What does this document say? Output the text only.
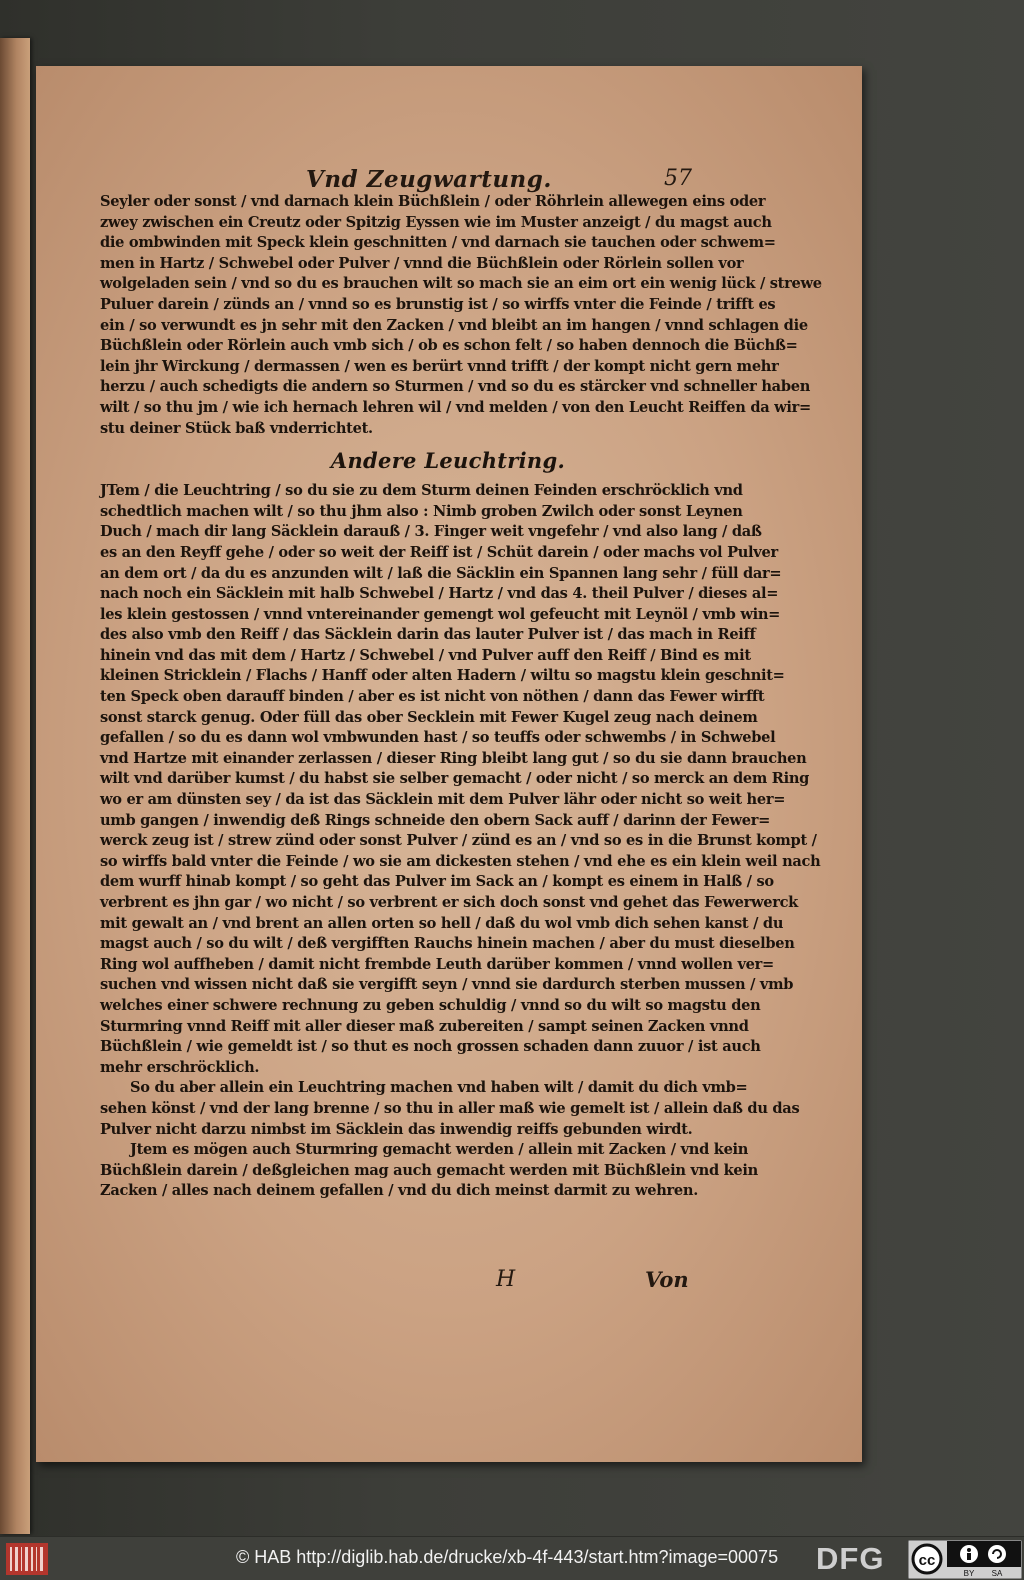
Vnd Zeugwartung.	57
Seyler oder sonst / vnd darnach klein Büchßlein / oder Röhrlein allewegen eins oder
zwey zwischen ein Creutz oder Spitzig Eyssen wie im Muster anzeigt / du magst auch
die ombwinden mit Speck klein geschnitten / vnd darnach sie tauchen oder schwem=
men in Hartz / Schwebel oder Pulver / vnnd die Büchßlein oder Rörlein sollen vor
wolgeladen sein / vnd so du es brauchen wilt so mach sie an eim ort ein wenig lück / strewe
Puluer darein / zünds an / vnnd so es brunstig ist / so wirffs vnter die Feinde / trifft es
ein / so verwundt es jn sehr mit den Zacken / vnd bleibt an im hangen / vnnd schlagen die
Büchßlein oder Rörlein auch vmb sich / ob es schon felt / so haben dennoch die Büchß=
lein jhr Wirckung / dermassen / wen es berürt vnnd trifft / der kompt nicht gern mehr
herzu / auch schedigts die andern so Sturmen / vnd so du es stärcker vnd schneller haben
wilt / so thu jm / wie ich hernach lehren wil / vnd melden / von den Leucht Reiffen da wir=
stu deiner Stück baß vnderrichtet.
Andere Leuchtring.
JTem / die Leuchtring / so du sie zu dem Sturm deinen Feinden erschröcklich vnd
schedtlich machen wilt / so thu jhm also : Nimb groben Zwilch oder sonst Leynen
Duch / mach dir lang Säcklein darauß / 3. Finger weit vngefehr / vnd also lang / daß
es an den Reyff gehe / oder so weit der Reiff ist / Schüt darein / oder machs vol Pulver
an dem ort / da du es anzunden wilt / laß die Säcklin ein Spannen lang sehr / füll dar=
nach noch ein Säcklein mit halb Schwebel / Hartz / vnd das 4. theil Pulver / dieses al=
les klein gestossen / vnnd vntereinander gemengt wol gefeucht mit Leynöl / vmb win=
des also vmb den Reiff / das Säcklein darin das lauter Pulver ist / das mach in Reiff
hinein vnd das mit dem / Hartz / Schwebel / vnd Pulver auff den Reiff / Bind es mit
kleinen Stricklein / Flachs / Hanff oder alten Hadern / wiltu so magstu klein geschnit=
ten Speck oben darauff binden / aber es ist nicht von nöthen / dann das Fewer wirfft
sonst starck genug. Oder füll das ober Secklein mit Fewer Kugel zeug nach deinem
gefallen / so du es dann wol vmbwunden hast / so teuffs oder schwembs / in Schwebel
vnd Hartze mit einander zerlassen / dieser Ring bleibt lang gut / so du sie dann brauchen
wilt vnd darüber kumst / du habst sie selber gemacht / oder nicht / so merck an dem Ring
wo er am dünsten sey / da ist das Säcklein mit dem Pulver lähr oder nicht so weit her=
umb gangen / inwendig deß Rings schneide den obern Sack auff / darinn der Fewer=
werck zeug ist / strew zünd oder sonst Pulver / zünd es an / vnd so es in die Brunst kompt /
so wirffs bald vnter die Feinde / wo sie am dickesten stehen / vnd ehe es ein klein weil nach
dem wurff hinab kompt / so geht das Pulver im Sack an / kompt es einem in Halß / so
verbrent es jhn gar / wo nicht / so verbrent er sich doch sonst vnd gehet das Fewerwerck
mit gewalt an / vnd brent an allen orten so hell / daß du wol vmb dich sehen kanst / du
magst auch / so du wilt / deß vergifften Rauchs hinein machen / aber du must dieselben
Ring wol auffheben / damit nicht frembde Leuth darüber kommen / vnnd wollen ver=
suchen vnd wissen nicht daß sie vergifft seyn / vnnd sie dardurch sterben mussen / vmb
welches einer schwere rechnung zu geben schuldig / vnnd so du wilt so magstu den
Sturmring vnnd Reiff mit aller dieser maß zubereiten / sampt seinen Zacken vnnd
Büchßlein / wie gemeldt ist / so thut es noch grossen schaden dann zuuor / ist auch
mehr erschröcklich.
So du aber allein ein Leuchtring machen vnd haben wilt / damit du dich vmb=
sehen könst / vnd der lang brenne / so thu in aller maß wie gemelt ist / allein daß du das
Pulver nicht darzu nimbst im Säcklein das inwendig reiffs gebunden wirdt.
Jtem es mögen auch Sturmring gemacht werden / allein mit Zacken / vnd kein
Büchßlein darein / deßgleichen mag auch gemacht werden mit Büchßlein vnd kein
Zacken / alles nach deinem gefallen / vnd du dich meinst darmit zu wehren.
H	Von
© HAB http://diglib.hab.de/drucke/xb-4f-443/start.htm?image=00075 DFG cc
BY SA
